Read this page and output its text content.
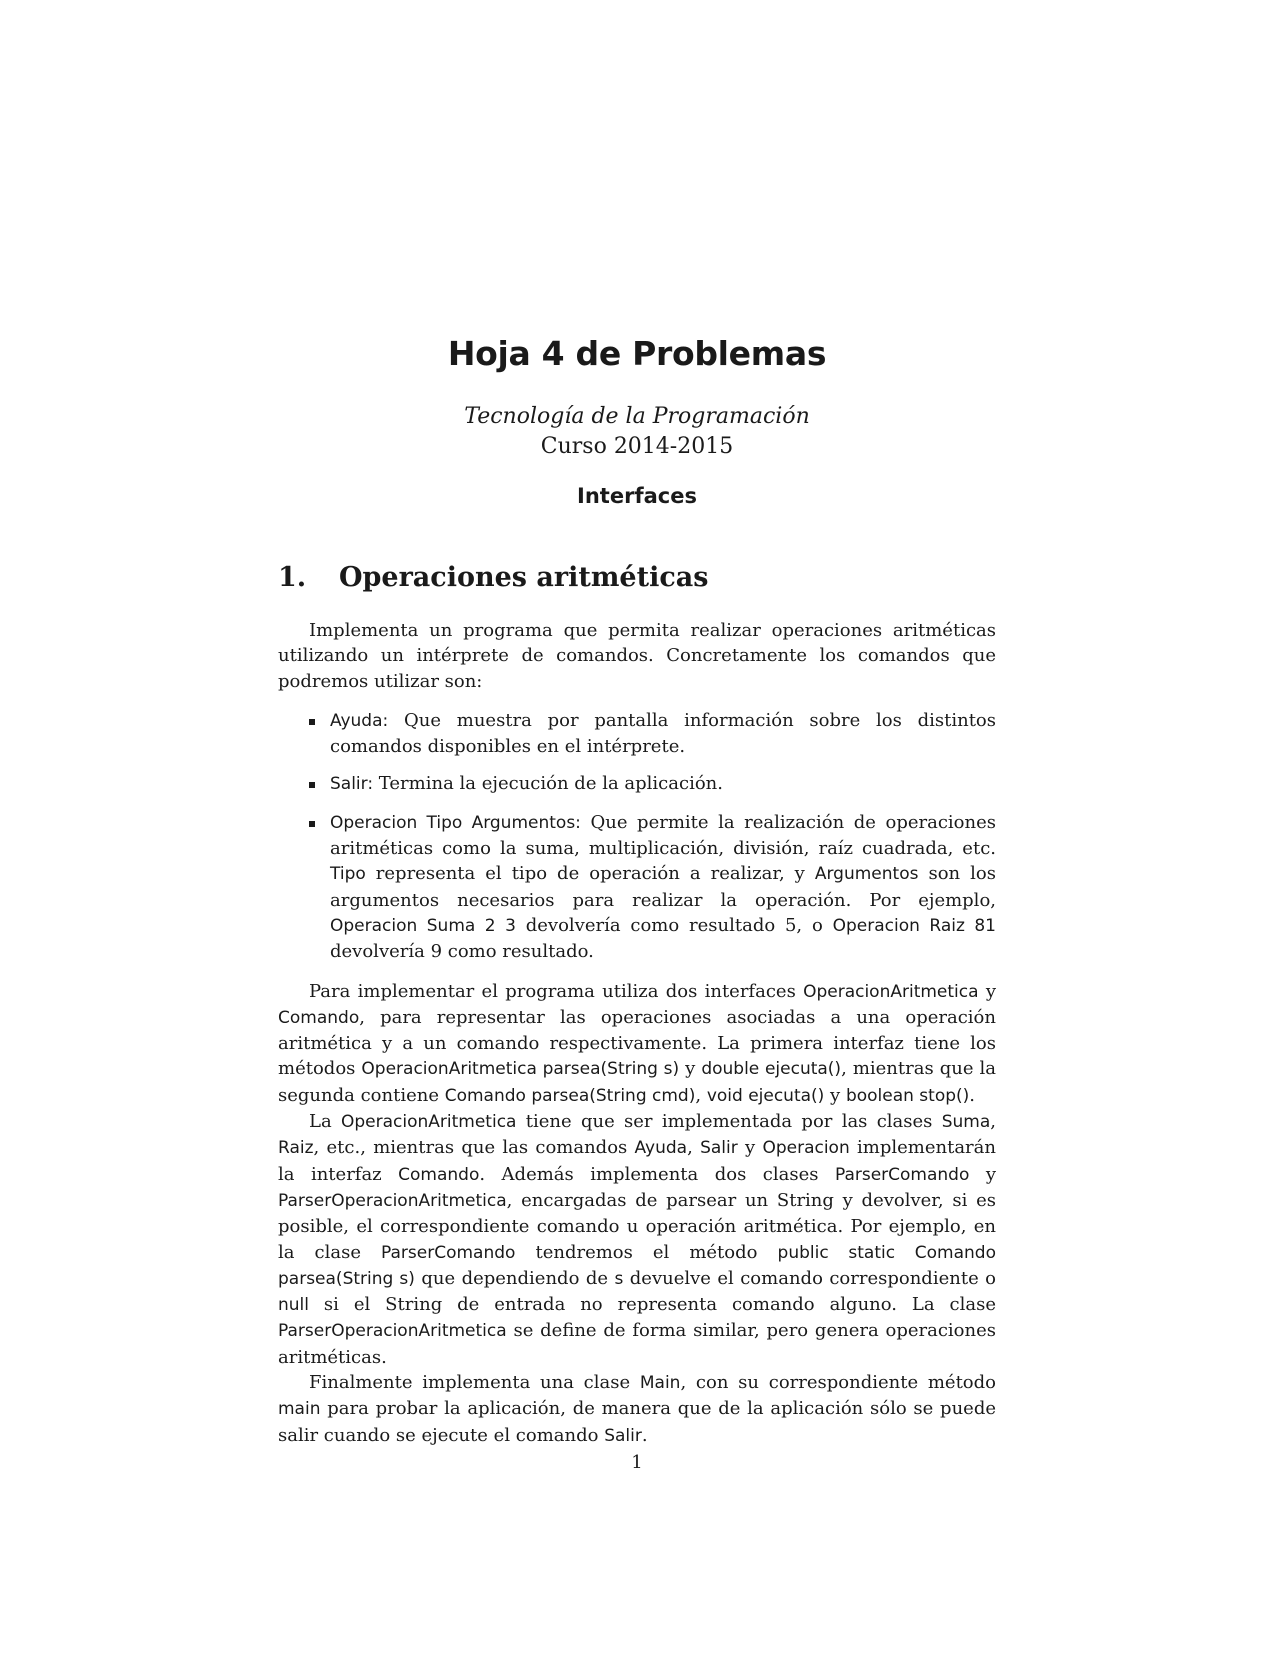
Hoja 4 de Problemas
Tecnología de la Programación
Curso 2014-2015
Interfaces
1. Operaciones aritméticas

Implementa un programa que permita realizar operaciones aritméticas utilizando un intérprete de comandos. Concretamente los comandos que podremos utilizar son:

Ayuda: Que muestra por pantalla información sobre los distintos comandos disponibles en el intérprete.
Salir: Termina la ejecución de la aplicación.
Operacion Tipo Argumentos: Que permite la realización de operaciones aritméticas como la suma, multiplicación, división, raíz cuadrada, etc. Tipo representa el tipo de operación a realizar, y Argumentos son los argumentos necesarios para realizar la operación. Por ejemplo, Operacion Suma 2 3 devolvería como resultado 5, o Operacion Raiz 81 devolvería 9 como resultado.

Para implementar el programa utiliza dos interfaces OperacionAritmetica y Comando, para representar las operaciones asociadas a una operación aritmética y a un comando respectivamente. La primera interfaz tiene los métodos OperacionAritmetica parsea(String s) y double ejecuta(), mientras que la segunda contiene Comando parsea(String cmd), void ejecuta() y boolean stop().

La OperacionAritmetica tiene que ser implementada por las clases Suma, Raiz, etc., mientras que las comandos Ayuda, Salir y Operacion implementarán la interfaz Comando. Además implementa dos clases ParserComando y ParserOperacionAritmetica, encargadas de parsear un String y devolver, si es posible, el correspondiente comando u operación aritmética. Por ejemplo, en la clase ParserComando tendremos el método public static Comando parsea(String s) que dependiendo de s devuelve el comando correspondiente o null si el String de entrada no representa comando alguno. La clase ParserOperacionAritmetica se define de forma similar, pero genera operaciones aritméticas.

Finalmente implementa una clase Main, con su correspondiente método main para probar la aplicación, de manera que de la aplicación sólo se puede salir cuando se ejecute el comando Salir.

1
